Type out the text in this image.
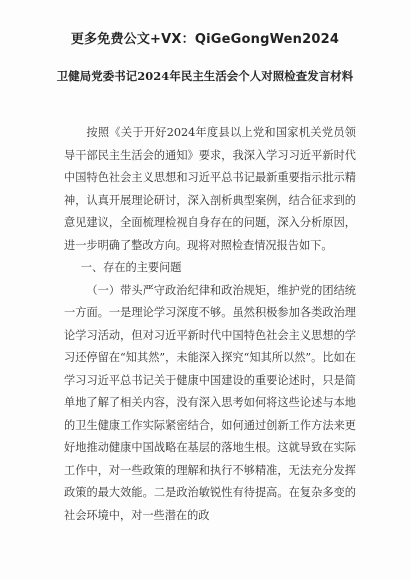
更多免费公文+VX：QiGeGongWen2024
卫健局党委书记2024年民主生活会个人对照检查发言材料

按照《关于开好2024年度县以上党和国家机关党员领导干部民主生活会的通知》要求，我深入学习习近平新时代中国特色社会主义思想和习近平总书记最新重要指示批示精神，认真开展理论研讨，深入剖析典型案例，结合征求到的意见建议，全面梳理检视自身存在的问题，深入分析原因，进一步明确了整改方向。现将对照检查情况报告如下。

一、存在的主要问题

（一）带头严守政治纪律和政治规矩，维护党的团结统一方面。一是理论学习深度不够。虽然积极参加各类政治理论学习活动，但对习近平新时代中国特色社会主义思想的学习还停留在“知其然”，未能深入探究“知其所以然”。比如在学习习近平总书记关于健康中国建设的重要论述时，只是简单地了解了相关内容，没有深入思考如何将这些论述与本地的卫生健康工作实际紧密结合，如何通过创新工作方法来更好地推动健康中国战略在基层的落地生根。这就导致在实际工作中，对一些政策的理解和执行不够精准，无法充分发挥政策的最大效能。二是政治敏锐性有待提高。在复杂多变的社会环境中，对一些潜在的政
